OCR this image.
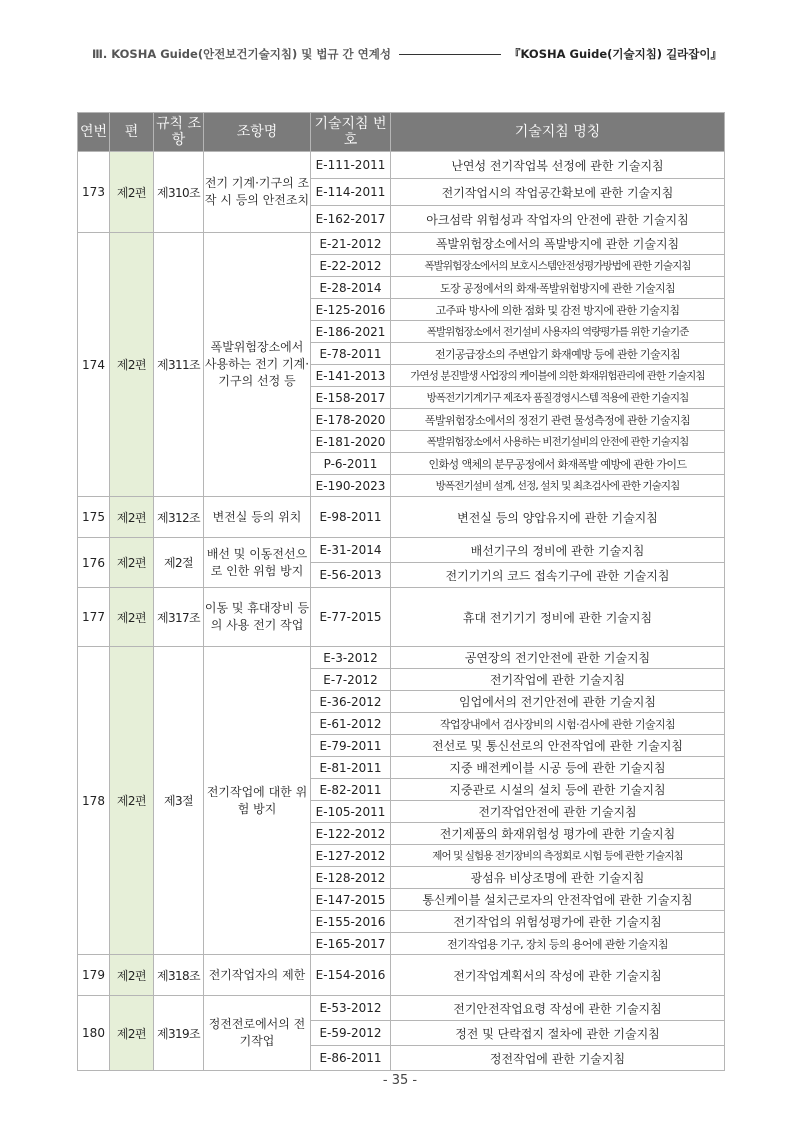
Ⅲ. KOSHA Guide(안전보건기술지침) 및 법규 간 연계성	『KOSHA Guide(기술지침) 길라잡이』
연번	편	규칙 조항	조항명	기술지침 번호	기술지침 명칭
173	제2편	제310조	전기 기계·기구의 조작 시 등의 안전조치	E-111-2011	난연성 전기작업복 선정에 관한 기술지침
				E-114-2011	전기작업시의 작업공간확보에 관한 기술지침
				E-162-2017	아크섬락 위험성과 작업자의 안전에 관한 기술지침
174	제2편	제311조	폭발위험장소에서 사용하는 전기 기계·기구의 선정 등	E-21-2012	폭발위험장소에서의 폭발방지에 관한 기술지침
				E-22-2012	폭발위험장소에서의 보호시스템안전성평가방법에 관한 기술지침
				E-28-2014	도장 공정에서의 화재·폭발위험방지에 관한 기술지침
				E-125-2016	고주파 방사에 의한 점화 및 감전 방지에 관한 기술지침
				E-186-2021	폭발위험장소에서 전기설비 사용자의 역량평가를 위한 기술기준
				E-78-2011	전기공급장소의 주변압기 화재예방 등에 관한 기술지침
				E-141-2013	가연성 분진발생 사업장의 케이블에 의한 화재위험관리에 관한 기술지침
				E-158-2017	방폭전기기계기구 제조자 품질경영시스템 적용에 관한 기술지침
				E-178-2020	폭발위험장소에서의 정전기 관련 물성측정에 관한 기술지침
				E-181-2020	폭발위험장소에서 사용하는 비전기설비의 안전에 관한 기술지침
				P-6-2011	인화성 액체의 분무공정에서 화재폭발 예방에 관한 가이드
				E-190-2023	방폭전기설비 설계, 선정, 설치 및 최초검사에 관한 기술지침
175	제2편	제312조	변전실 등의 위치	E-98-2011	변전실 등의 양압유지에 관한 기술지침
176	제2편	제2절	배선 및 이동전선으로 인한 위험 방지	E-31-2014	배선기구의 정비에 관한 기술지침
				E-56-2013	전기기기의 코드 접속기구에 관한 기술지침
177	제2편	제317조	이동 및 휴대장비 등의 사용 전기 작업	E-77-2015	휴대 전기기기 정비에 관한 기술지침
178	제2편	제3절	전기작업에 대한 위험 방지	E-3-2012	공연장의 전기안전에 관한 기술지침
				E-7-2012	전기작업에 관한 기술지침
				E-36-2012	임업에서의 전기안전에 관한 기술지침
				E-61-2012	작업장내에서 검사장비의 시험·검사에 관한 기술지침
				E-79-2011	전선로 및 통신선로의 안전작업에 관한 기술지침
				E-81-2011	지중 배전케이블 시공 등에 관한 기술지침
				E-82-2011	지중관로 시설의 설치 등에 관한 기술지침
				E-105-2011	전기작업안전에 관한 기술지침
				E-122-2012	전기제품의 화재위험성 평가에 관한 기술지침
				E-127-2012	제어 및 실험용 전기장비의 측정회로 시험 등에 관한 기술지침
				E-128-2012	광섬유 비상조명에 관한 기술지침
				E-147-2015	통신케이블 설치근로자의 안전작업에 관한 기술지침
				E-155-2016	전기작업의 위험성평가에 관한 기술지침
				E-165-2017	전기작업용 기구, 장치 등의 용어에 관한 기술지침
179	제2편	제318조	전기작업자의 제한	E-154-2016	전기작업계획서의 작성에 관한 기술지침
180	제2편	제319조	정전전로에서의 전기작업	E-53-2012	전기안전작업요령 작성에 관한 기술지침
				E-59-2012	정전 및 단락접지 절차에 관한 기술지침
				E-86-2011	정전작업에 관한 기술지침
- 35 -
